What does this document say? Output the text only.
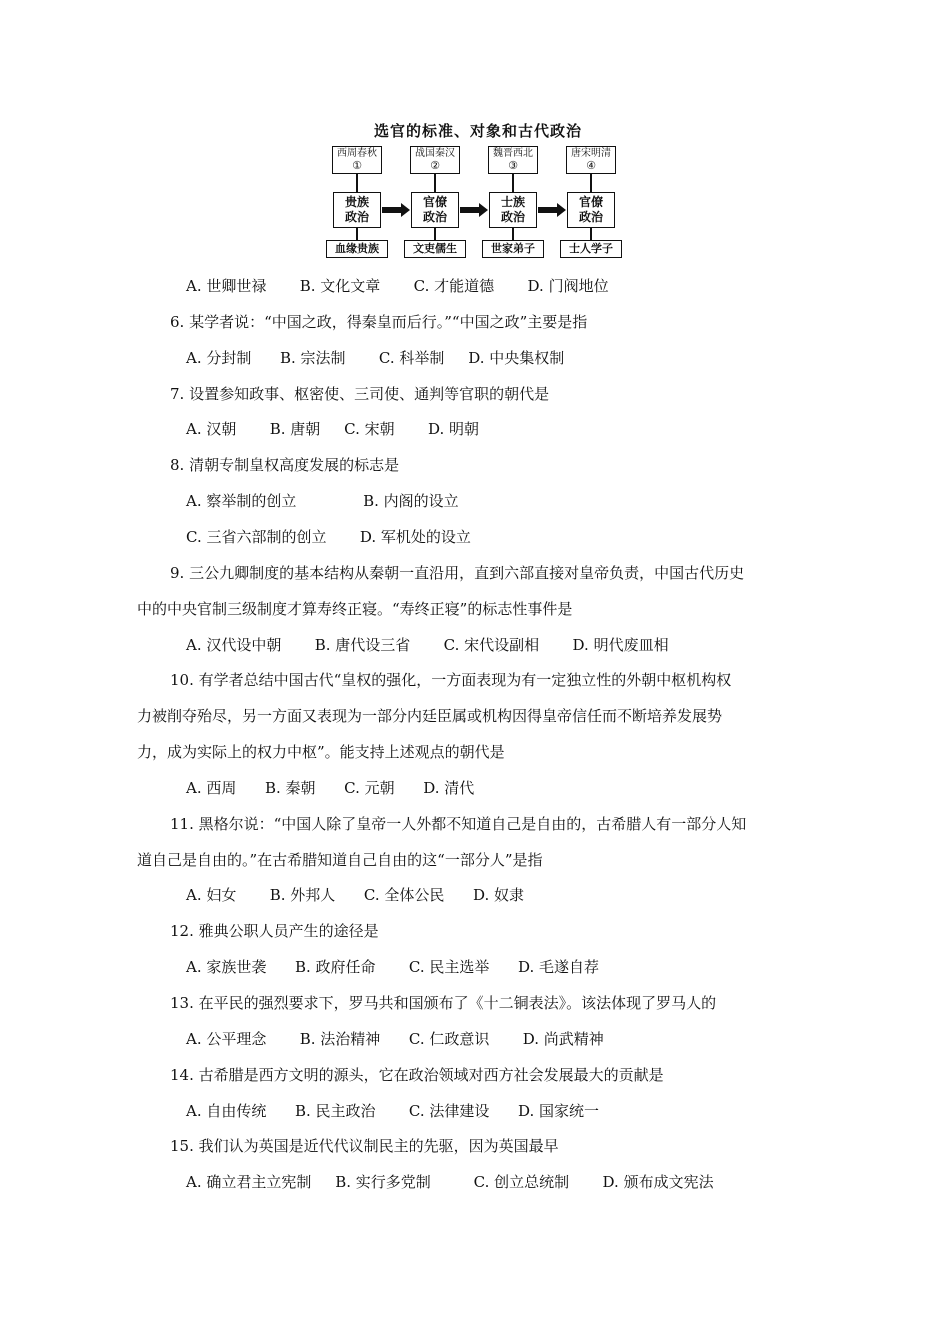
选官的标准、对象和古代政治
西周春秋
①
战国秦汉
②
魏晋西北
③
唐宋明清
④
贵族
政治
官僚
政治
士族
政治
官僚
政治
血缘贵族	文吏儒生	世家弟子	士人学子
A. 世卿世禄       B. 文化文章       C. 才能道德       D. 门阀地位
6. 某学者说：“中国之政，得秦皇而后行。”“中国之政”主要是指
A. 分封制      B. 宗法制       C. 科举制     D. 中央集权制
7. 设置参知政事、枢密使、三司使、通判等官职的朝代是
A. 汉朝       B. 唐朝     C. 宋朝       D. 明朝
8. 清朝专制皇权高度发展的标志是
A. 察举制的创立              B. 内阁的设立
C. 三省六部制的创立       D. 军机处的设立
9. 三公九卿制度的基本结构从秦朝一直沿用，直到六部直接对皇帝负责，中国古代历史
中的中央官制三级制度才算寿终正寝。“寿终正寝”的标志性事件是
A. 汉代设中朝       B. 唐代设三省       C. 宋代设副相       D. 明代废皿相
10. 有学者总结中国古代“皇权的强化，一方面表现为有一定独立性的外朝中枢机构权
力被削夺殆尽，另一方面又表现为一部分内廷臣属或机构因得皇帝信任而不断培养发展势
力，成为实际上的权力中枢”。能支持上述观点的朝代是
A. 西周      B. 秦朝      C. 元朝      D. 清代
11. 黑格尔说：“中国人除了皇帝一人外都不知道自己是自由的，古希腊人有一部分人知
道自己是自由的。”在古希腊知道自己自由的这“一部分人”是指
A. 妇女       B. 外邦人      C. 全体公民      D. 奴隶
12. 雅典公职人员产生的途径是
A. 家族世袭      B. 政府任命       C. 民主选举      D. 毛遂自荐
13. 在平民的强烈要求下，罗马共和国颁布了《十二铜表法》。该法体现了罗马人的
A. 公平理念       B. 法治精神      C. 仁政意识       D. 尚武精神
14. 古希腊是西方文明的源头，它在政治领域对西方社会发展最大的贡献是
A. 自由传统      B. 民主政治       C. 法律建设      D. 国家统一
15. 我们认为英国是近代代议制民主的先驱，因为英国最早
A. 确立君主立宪制     B. 实行多党制         C. 创立总统制       D. 颁布成文宪法
